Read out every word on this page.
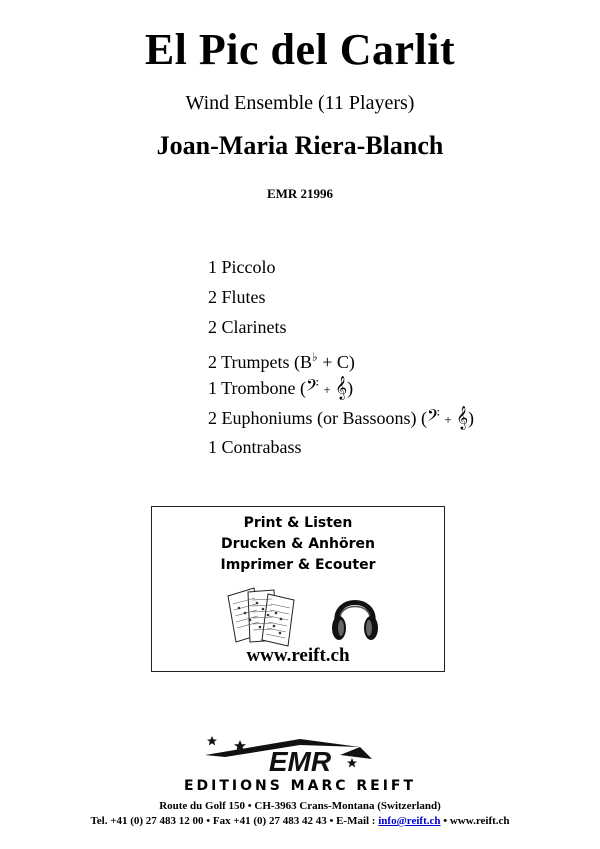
El Pic del Carlit
Wind Ensemble (11 Players)
Joan-Maria Riera-Blanch
EMR 21996
1 Piccolo
2 Flutes
2 Clarinets
2 Trumpets (B♭ + C)
1 Trombone (𝄢 + 𝄞)
2 Euphoniums (or Bassoons) (𝄢 + 𝄞)
1 Contrabass
Print & Listen
Drucken & Anhören
Imprimer & Ecouter
www.reift.ch
EMR
EDITIONS MARC REIFT
Route du Golf 150 • CH-3963 Crans-Montana (Switzerland)
Tel. +41 (0) 27 483 12 00 • Fax +41 (0) 27 483 42 43 • E-Mail : info@reift.ch • www.reift.ch
